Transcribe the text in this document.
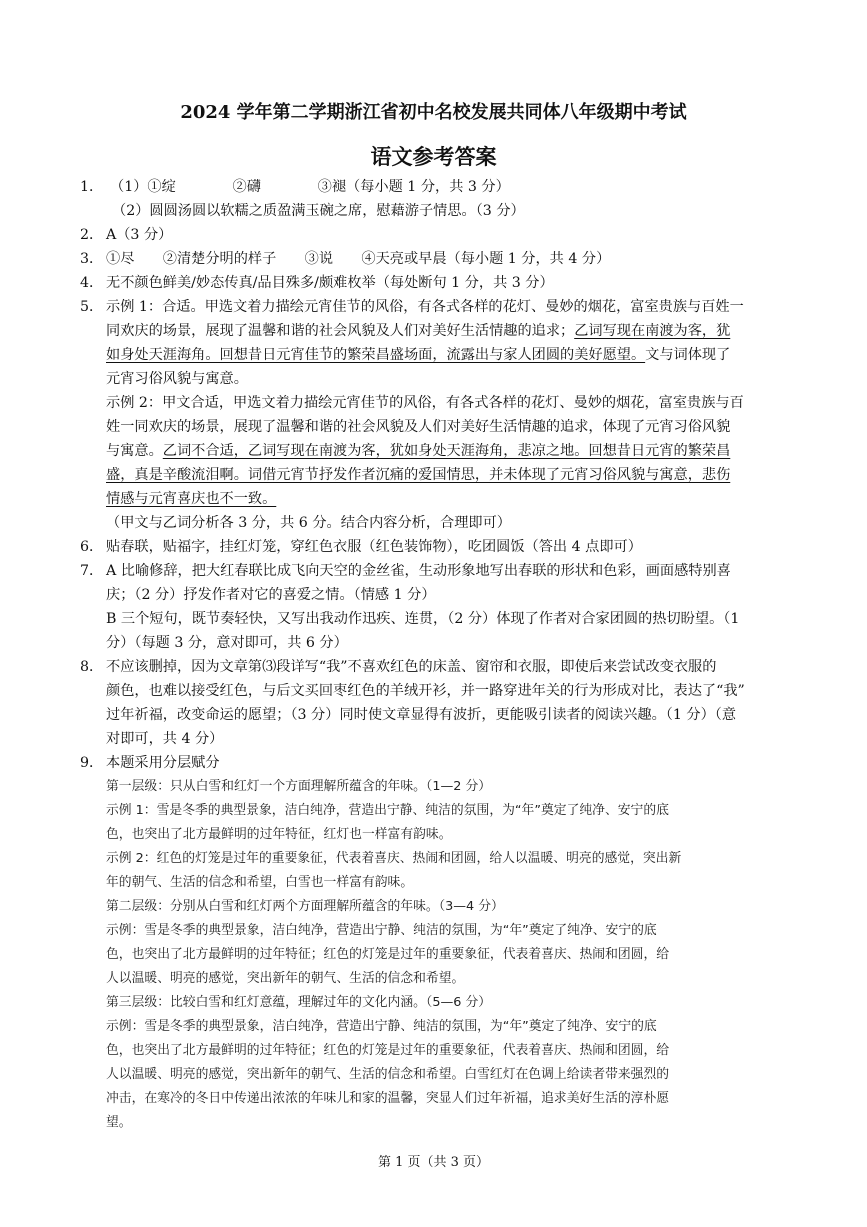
2024 学年第二学期浙江省初中名校发展共同体八年级期中考试
语文参考答案
1． （1）①绽　　　　②礴　　　　③褪（每小题 1 分，共 3 分）
（2）圆圆汤圆以软糯之质盈满玉碗之席，慰藉游子情思。（3 分）
2． A（3 分）
3． ①尽　　②清楚分明的样子　　③说　　④天亮或早晨（每小题 1 分，共 4 分）
4． 无不颜色鲜美/妙态传真/品目殊多/颇难枚举（每处断句 1 分，共 3 分）
5． 示例 1：合适。甲选文着力描绘元宵佳节的风俗，有各式各样的花灯、曼妙的烟花，富室贵族与百姓一
同欢庆的场景，展现了温馨和谐的社会风貌及人们对美好生活情趣的追求；乙词写现在南渡为客，犹
如身处天涯海角。回想昔日元宵佳节的繁荣昌盛场面，流露出与家人团圆的美好愿望。文与词体现了
元宵习俗风貌与寓意。
示例 2：甲文合适，甲选文着力描绘元宵佳节的风俗，有各式各样的花灯、曼妙的烟花，富室贵族与百
姓一同欢庆的场景，展现了温馨和谐的社会风貌及人们对美好生活情趣的追求，体现了元宵习俗风貌
与寓意。乙词不合适，乙词写现在南渡为客，犹如身处天涯海角，悲凉之地。回想昔日元宵的繁荣昌
盛，真是辛酸流泪啊。词借元宵节抒发作者沉痛的爱国情思，并未体现了元宵习俗风貌与寓意，悲伤
情感与元宵喜庆也不一致。
（甲文与乙词分析各 3 分，共 6 分。结合内容分析，合理即可）
6． 贴春联，贴福字，挂红灯笼，穿红色衣服（红色装饰物），吃团圆饭（答出 4 点即可）
7． A 比喻修辞，把大红春联比成飞向天空的金丝雀，生动形象地写出春联的形状和色彩，画面感特别喜
庆；（2 分）抒发作者对它的喜爱之情。（情感 1 分）
B 三个短句，既节奏轻快，又写出我动作迅疾、连贯，（2 分）体现了作者对合家团圆的热切盼望。（1
分）（每题 3 分，意对即可，共 6 分）
8． 不应该删掉，因为文章第⑶段详写“我”不喜欢红色的床盖、窗帘和衣服，即使后来尝试改变衣服的
颜色，也难以接受红色，与后文买回枣红色的羊绒开衫，并一路穿进年关的行为形成对比，表达了“我”
过年祈福，改变命运的愿望；（3 分）同时使文章显得有波折，更能吸引读者的阅读兴趣。（1 分）（意
对即可，共 4 分）
9． 本题采用分层赋分
第一层级：只从白雪和红灯一个方面理解所蕴含的年味。（1—2 分）
示例 1：雪是冬季的典型景象，洁白纯净，营造出宁静、纯洁的氛围，为“年”奠定了纯净、安宁的底
色，也突出了北方最鲜明的过年特征，红灯也一样富有韵味。
示例 2：红色的灯笼是过年的重要象征，代表着喜庆、热闹和团圆，给人以温暖、明亮的感觉，突出新
年的朝气、生活的信念和希望，白雪也一样富有韵味。
第二层级：分别从白雪和红灯两个方面理解所蕴含的年味。（3—4 分）
示例：雪是冬季的典型景象，洁白纯净，营造出宁静、纯洁的氛围，为“年”奠定了纯净、安宁的底
色，也突出了北方最鲜明的过年特征；红色的灯笼是过年的重要象征，代表着喜庆、热闹和团圆，给
人以温暖、明亮的感觉，突出新年的朝气、生活的信念和希望。
第三层级：比较白雪和红灯意蕴，理解过年的文化内涵。（5—6 分）
示例：雪是冬季的典型景象，洁白纯净，营造出宁静、纯洁的氛围，为“年”奠定了纯净、安宁的底
色，也突出了北方最鲜明的过年特征；红色的灯笼是过年的重要象征，代表着喜庆、热闹和团圆，给
人以温暖、明亮的感觉，突出新年的朝气、生活的信念和希望。白雪红灯在色调上给读者带来强烈的
冲击，在寒冷的冬日中传递出浓浓的年味儿和家的温馨，突显人们过年祈福，追求美好生活的淳朴愿
望。
第 1 页（共 3 页）
